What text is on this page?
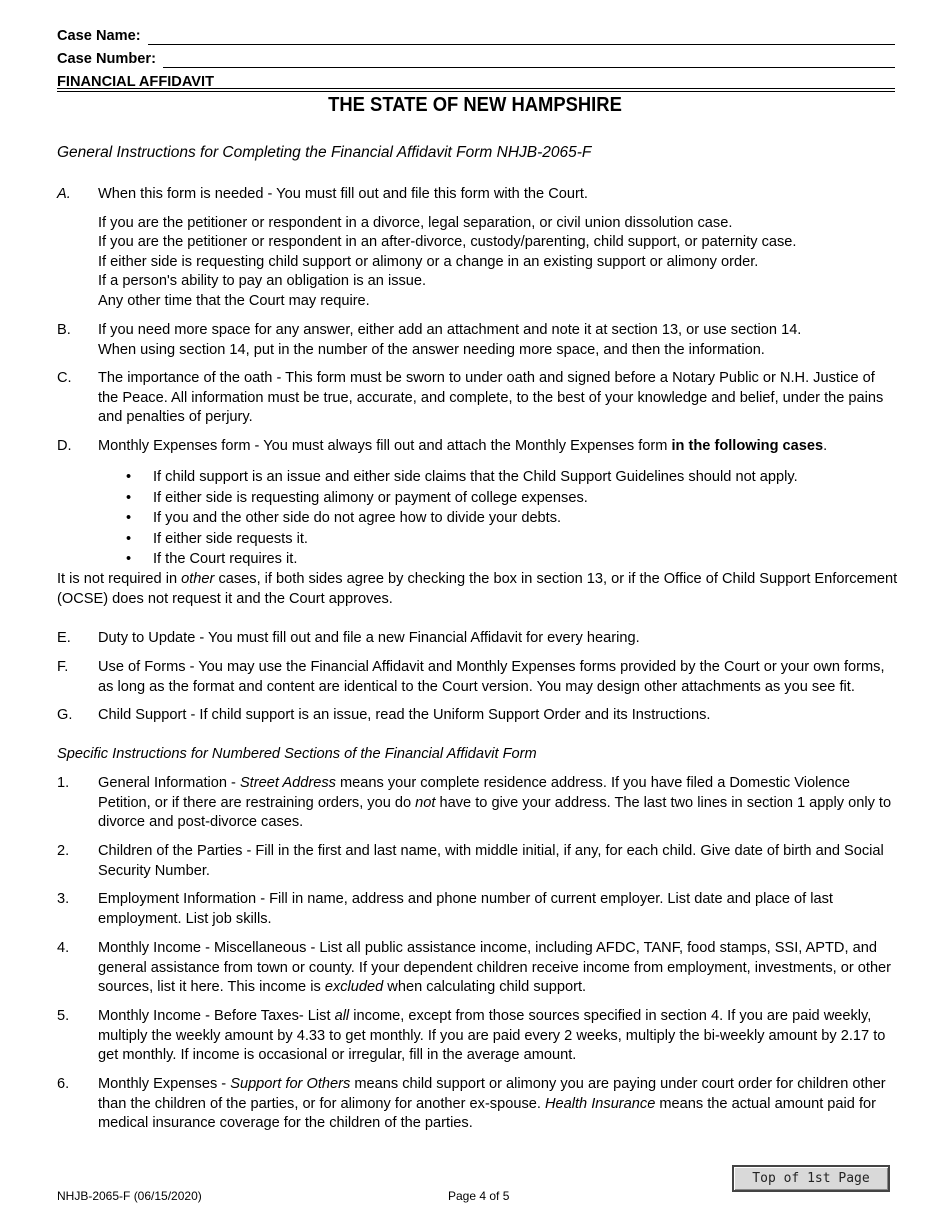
Case Name:
Case Number:
FINANCIAL AFFIDAVIT
THE STATE OF NEW HAMPSHIRE
General Instructions for Completing the Financial Affidavit Form NHJB-2065-F
A. When this form is needed - You must fill out and file this form with the Court.

If you are the petitioner or respondent in a divorce, legal separation, or civil union dissolution case.

If you are the petitioner or respondent in an after-divorce, custody/parenting, child support, or paternity case.

If either side is requesting child support or alimony or a change in an existing support or alimony order.

If a person's ability to pay an obligation is an issue.

Any other time that the Court may require.

B. If you need more space for any answer, either add an attachment and note it at section 13, or use section 14.

When using section 14, put in the number of the answer needing more space, and then the information.

C. The importance of the oath - This form must be sworn to under oath and signed before a Notary Public or N.H. Justice of the Peace. All information must be true, accurate, and complete, to the best of your knowledge and belief, under the pains and penalties of perjury.

D. Monthly Expenses form - You must always fill out and attach the Monthly Expenses form in the following cases.

• If child support is an issue and either side claims that the Child Support Guidelines should not apply.
• If either side is requesting alimony or payment of college expenses.
• If you and the other side do not agree how to divide your debts.
• If either side requests it.
• If the Court requires it.
It is not required in other cases, if both sides agree by checking the box in section 13, or if the Office of Child Support Enforcement (OCSE) does not request it and the Court approves.
E. Duty to Update - You must fill out and file a new Financial Affidavit for every hearing.

F. Use of Forms - You may use the Financial Affidavit and Monthly Expenses forms provided by the Court or your own forms, as long as the format and content are identical to the Court version. You may design other attachments as you see fit.

G. Child Support - If child support is an issue, read the Uniform Support Order and its Instructions.

Specific Instructions for Numbered Sections of the Financial Affidavit Form
1. General Information - Street Address means your complete residence address. If you have filed a Domestic Violence Petition, or if there are restraining orders, you do not have to give your address. The last two lines in section 1 apply only to divorce and post-divorce cases.

2. Children of the Parties - Fill in the first and last name, with middle initial, if any, for each child. Give date of birth and Social Security Number.

3. Employment Information - Fill in name, address and phone number of current employer. List date and place of last employment. List job skills.

4. Monthly Income - Miscellaneous - List all public assistance income, including AFDC, TANF, food stamps, SSI, APTD, and general assistance from town or county. If your dependent children receive income from employment, investments, or other sources, list it here. This income is excluded when calculating child support.

5. Monthly Income - Before Taxes- List all income, except from those sources specified in section 4. If you are paid weekly, multiply the weekly amount by 4.33 to get monthly. If you are paid every 2 weeks, multiply the bi-weekly amount by 2.17 to get monthly. If income is occasional or irregular, fill in the average amount.

6. Monthly Expenses - Support for Others means child support or alimony you are paying under court order for children other than the children of the parties, or for alimony for another ex-spouse. Health Insurance means the actual amount paid for medical insurance coverage for the children of the parties.

Top of 1st Page
NHJB-2065-F (06/15/2020)	Page 4 of 5
